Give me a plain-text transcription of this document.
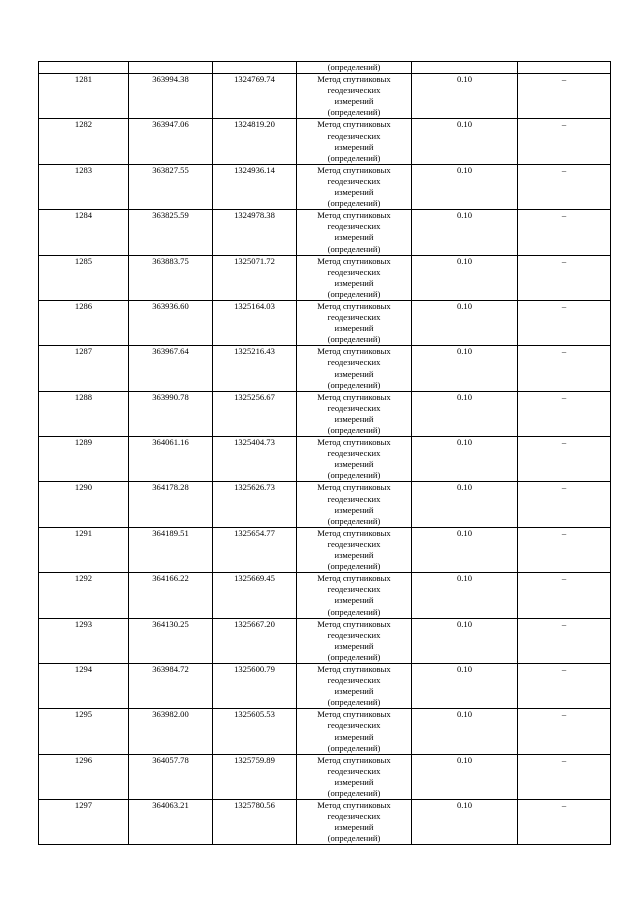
			(определений)		
1281	363994.38	1324769.74	Метод спутниковых
геодезических
измерений
(определений)	0.10	–
1282	363947.06	1324819.20	Метод спутниковых
геодезических
измерений
(определений)	0.10	–
1283	363827.55	1324936.14	Метод спутниковых
геодезических
измерений
(определений)	0.10	–
1284	363825.59	1324978.38	Метод спутниковых
геодезических
измерений
(определений)	0.10	–
1285	363883.75	1325071.72	Метод спутниковых
геодезических
измерений
(определений)	0.10	–
1286	363936.60	1325164.03	Метод спутниковых
геодезических
измерений
(определений)	0.10	–
1287	363967.64	1325216.43	Метод спутниковых
геодезических
измерений
(определений)	0.10	–
1288	363990.78	1325256.67	Метод спутниковых
геодезических
измерений
(определений)	0.10	–
1289	364061.16	1325404.73	Метод спутниковых
геодезических
измерений
(определений)	0.10	–
1290	364178.28	1325626.73	Метод спутниковых
геодезических
измерений
(определений)	0.10	–
1291	364189.51	1325654.77	Метод спутниковых
геодезических
измерений
(определений)	0.10	–
1292	364166.22	1325669.45	Метод спутниковых
геодезических
измерений
(определений)	0.10	–
1293	364130.25	1325667.20	Метод спутниковых
геодезических
измерений
(определений)	0.10	–
1294	363984.72	1325600.79	Метод спутниковых
геодезических
измерений
(определений)	0.10	–
1295	363982.00	1325605.53	Метод спутниковых
геодезических
измерений
(определений)	0.10	–
1296	364057.78	1325759.89	Метод спутниковых
геодезических
измерений
(определений)	0.10	–
1297	364063.21	1325780.56	Метод спутниковых
геодезических
измерений
(определений)	0.10	–
